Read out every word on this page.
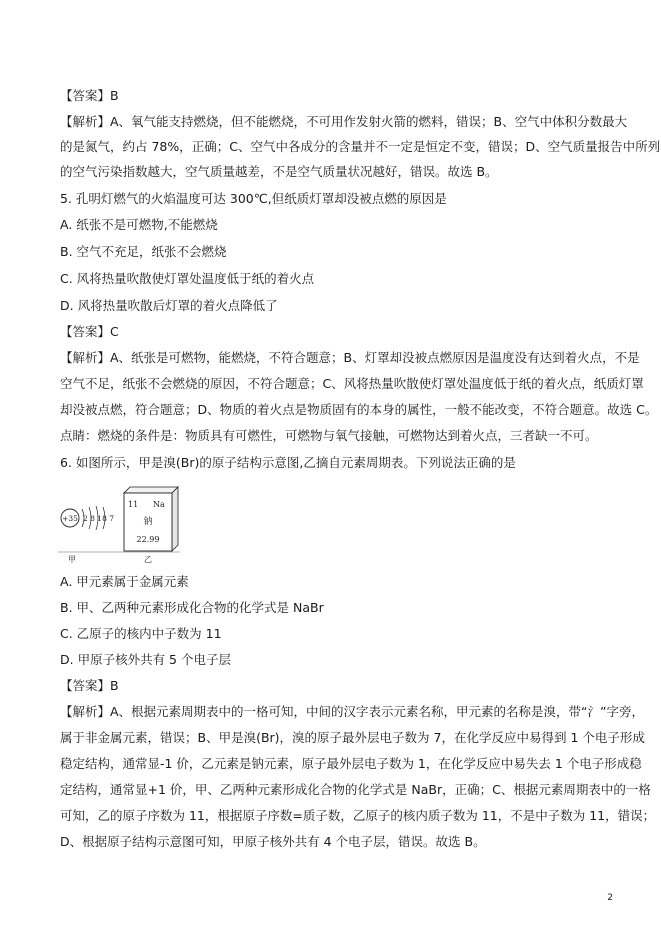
【答案】B
【解析】A、氧气能支持燃烧，但不能燃烧，不可用作发射火箭的燃料，错误；B、空气中体积分数最大
的是氮气，约占 78%，正确；C、空气中各成分的含量并不一定是恒定不变，错误；D、空气质量报告中所列
的空气污染指数越大，空气质量越差，不是空气质量状况越好，错误。故选 B。
5. 孔明灯燃气的火焰温度可达 300℃,但纸质灯罩却没被点燃的原因是
A. 纸张不是可燃物,不能燃烧
B. 空气不充足，纸张不会燃烧
C. 风将热量吹散使灯罩处温度低于纸的着火点
D. 风将热量吹散后灯罩的着火点降低了
【答案】C
【解析】A、纸张是可燃物，能燃烧，不符合题意；B、灯罩却没被点燃原因是温度没有达到着火点，不是
空气不足，纸张不会燃烧的原因，不符合题意；C、风将热量吹散使灯罩处温度低于纸的着火点，纸质灯罩
却没被点燃，符合题意；D、物质的着火点是物质固有的本身的属性，一般不能改变，不符合题意。故选 C。
点睛：燃烧的条件是：物质具有可燃性，可燃物与氧气接触，可燃物达到着火点，三者缺一不可。
6. 如图所示，甲是溴(Br)的原子结构示意图,乙摘自元素周期表。下列说法正确的是
+35 2 8 18 7
11 Na
钠
22.99
甲	乙
A. 甲元素属于金属元素
B. 甲、乙两种元素形成化合物的化学式是 NaBr
C. 乙原子的核内中子数为 11
D. 甲原子核外共有 5 个电子层
【答案】B
【解析】A、根据元素周期表中的一格可知，中间的汉字表示元素名称，甲元素的名称是溴，带“氵”字旁，
属于非金属元素，错误；B、甲是溴(Br)，溴的原子最外层电子数为 7，在化学反应中易得到 1 个电子形成
稳定结构，通常显-1 价，乙元素是钠元素，原子最外层电子数为 1，在化学反应中易失去 1 个电子形成稳
定结构，通常显+1 价，甲、乙两种元素形成化合物的化学式是 NaBr，正确；C、根据元素周期表中的一格
可知，乙的原子序数为 11，根据原子序数=质子数，乙原子的核内质子数为 11，不是中子数为 11，错误；
D、根据原子结构示意图可知，甲原子核外共有 4 个电子层，错误。故选 B。
2
